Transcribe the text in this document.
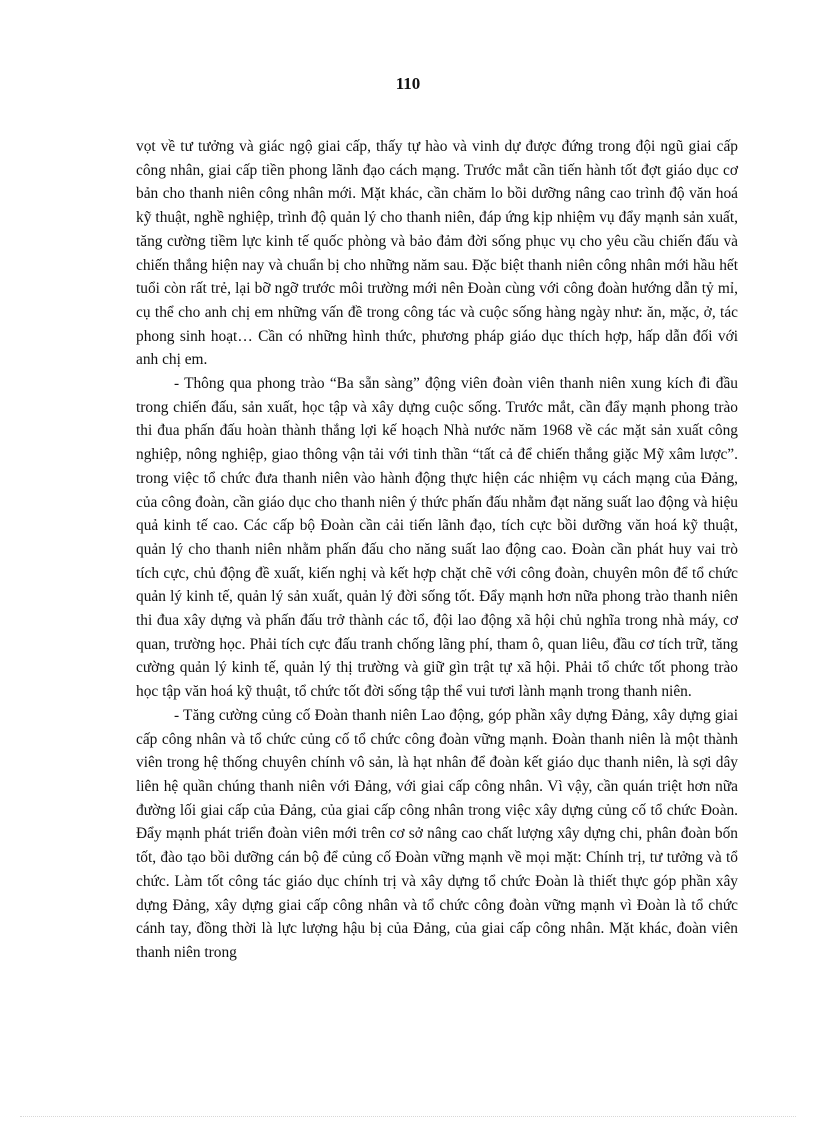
110

vọt về tư tưởng và giác ngộ giai cấp, thấy tự hào và vinh dự được đứng trong đội ngũ giai cấp công nhân, giai cấp tiền phong lãnh đạo cách mạng. Trước mắt cần tiến hành tốt đợt giáo dục cơ bản cho thanh niên công nhân mới. Mặt khác, cần chăm lo bồi dưỡng nâng cao trình độ văn hoá kỹ thuật, nghề nghiệp, trình độ quản lý cho thanh niên, đáp ứng kịp nhiệm vụ đẩy mạnh sản xuất, tăng cường tiềm lực kinh tế quốc phòng và bảo đảm đời sống phục vụ cho yêu cầu chiến đấu và chiến thắng hiện nay và chuẩn bị cho những năm sau. Đặc biệt thanh niên công nhân mới hầu hết tuổi còn rất trẻ, lại bỡ ngỡ trước môi trường mới nên Đoàn cùng với công đoàn hướng dẫn tỷ mỉ, cụ thể cho anh chị em những vấn đề trong công tác và cuộc sống hàng ngày như: ăn, mặc, ở, tác phong sinh hoạt… Cần có những hình thức, phương pháp giáo dục thích hợp, hấp dẫn đối với anh chị em.

- Thông qua phong trào “Ba sẵn sàng” động viên đoàn viên thanh niên xung kích đi đầu trong chiến đấu, sản xuất, học tập và xây dựng cuộc sống. Trước mắt, cần đẩy mạnh phong trào thi đua phấn đấu hoàn thành thắng lợi kế hoạch Nhà nước năm 1968 về các mặt sản xuất công nghiệp, nông nghiệp, giao thông vận tải với tinh thần “tất cả để chiến thắng giặc Mỹ xâm lược”. trong việc tổ chức đưa thanh niên vào hành động thực hiện các nhiệm vụ cách mạng của Đảng, của công đoàn, cần giáo dục cho thanh niên ý thức phấn đấu nhằm đạt năng suất lao động và hiệu quả kinh tế cao. Các cấp bộ Đoàn cần cải tiến lãnh đạo, tích cực bồi dưỡng văn hoá kỹ thuật, quản lý cho thanh niên nhằm phấn đấu cho năng suất lao động cao. Đoàn cần phát huy vai trò tích cực, chủ động đề xuất, kiến nghị và kết hợp chặt chẽ với công đoàn, chuyên môn để tổ chức quản lý kinh tế, quản lý sản xuất, quản lý đời sống tốt. Đẩy mạnh hơn nữa phong trào thanh niên thi đua xây dựng và phấn đấu trở thành các tổ, đội lao động xã hội chủ nghĩa trong nhà máy, cơ quan, trường học. Phải tích cực đấu tranh chống lãng phí, tham ô, quan liêu, đầu cơ tích trữ, tăng cường quản lý kinh tế, quản lý thị trường và giữ gìn trật tự xã hội. Phải tổ chức tốt phong trào học tập văn hoá kỹ thuật, tổ chức tốt đời sống tập thể vui tươi lành mạnh trong thanh niên.

- Tăng cường củng cố Đoàn thanh niên Lao động, góp phần xây dựng Đảng, xây dựng giai cấp công nhân và tổ chức củng cố tổ chức công đoàn vững mạnh. Đoàn thanh niên là một thành viên trong hệ thống chuyên chính vô sản, là hạt nhân để đoàn kết giáo dục thanh niên, là sợi dây liên hệ quần chúng thanh niên với Đảng, với giai cấp công nhân. Vì vậy, cần quán triệt hơn nữa đường lối giai cấp của Đảng, của giai cấp công nhân trong việc xây dựng củng cố tổ chức Đoàn. Đẩy mạnh phát triển đoàn viên mới trên cơ sở nâng cao chất lượng xây dựng chi, phân đoàn bốn tốt, đào tạo bồi dưỡng cán bộ để củng cố Đoàn vững mạnh về mọi mặt: Chính trị, tư tưởng và tổ chức. Làm tốt công tác giáo dục chính trị và xây dựng tổ chức Đoàn là thiết thực góp phần xây dựng Đảng, xây dựng giai cấp công nhân và tổ chức công đoàn vững mạnh vì Đoàn là tổ chức cánh tay, đồng thời là lực lượng hậu bị của Đảng, của giai cấp công nhân. Mặt khác, đoàn viên thanh niên trong
